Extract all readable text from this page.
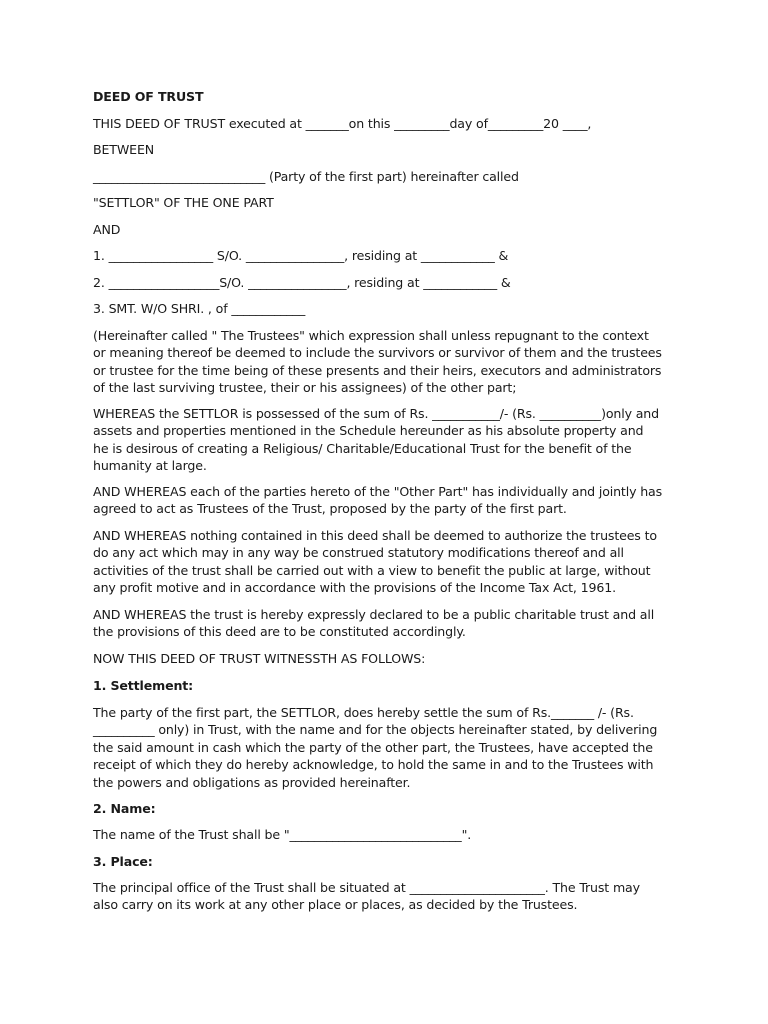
DEED OF TRUST

THIS DEED OF TRUST executed at _______on this _________day of_________20 ____,

BETWEEN

____________________________ (Party of the first part) hereinafter called

"SETTLOR" OF THE ONE PART

AND

1. _________________ S/O. ________________, residing at ____________ &

2. __________________S/O. ________________, residing at ____________ &

3. SMT. W/O SHRI. , of ____________

(Hereinafter called " The Trustees" which expression shall unless repugnant to the context
or meaning thereof be deemed to include the survivors or survivor of them and the trustees
or trustee for the time being of these presents and their heirs, executors and administrators
of the last surviving trustee, their or his assignees) of the other part;
WHEREAS the SETTLOR is possessed of the sum of Rs. ___________/- (Rs. __________)only and
assets and properties mentioned in the Schedule hereunder as his absolute property and
he is desirous of creating a Religious/ Charitable/Educational Trust for the benefit of the
humanity at large.
AND WHEREAS each of the parties hereto of the "Other Part" has individually and jointly has
agreed to act as Trustees of the Trust, proposed by the party of the first part.
AND WHEREAS nothing contained in this deed shall be deemed to authorize the trustees to
do any act which may in any way be construed statutory modifications thereof and all
activities of the trust shall be carried out with a view to benefit the public at large, without
any profit motive and in accordance with the provisions of the Income Tax Act, 1961.
AND WHEREAS the trust is hereby expressly declared to be a public charitable trust and all
the provisions of this deed are to be constituted accordingly.

NOW THIS DEED OF TRUST WITNESSTH AS FOLLOWS:

1. Settlement:

The party of the first part, the SETTLOR, does hereby settle the sum of Rs._______ /- (Rs.
__________ only) in Trust, with the name and for the objects hereinafter stated, by delivering
the said amount in cash which the party of the other part, the Trustees, have accepted the
receipt of which they do hereby acknowledge, to hold the same in and to the Trustees with
the powers and obligations as provided hereinafter.

2. Name:

The name of the Trust shall be "____________________________".

3. Place:

The principal office of the Trust shall be situated at ______________________. The Trust may
also carry on its work at any other place or places, as decided by the Trustees.
